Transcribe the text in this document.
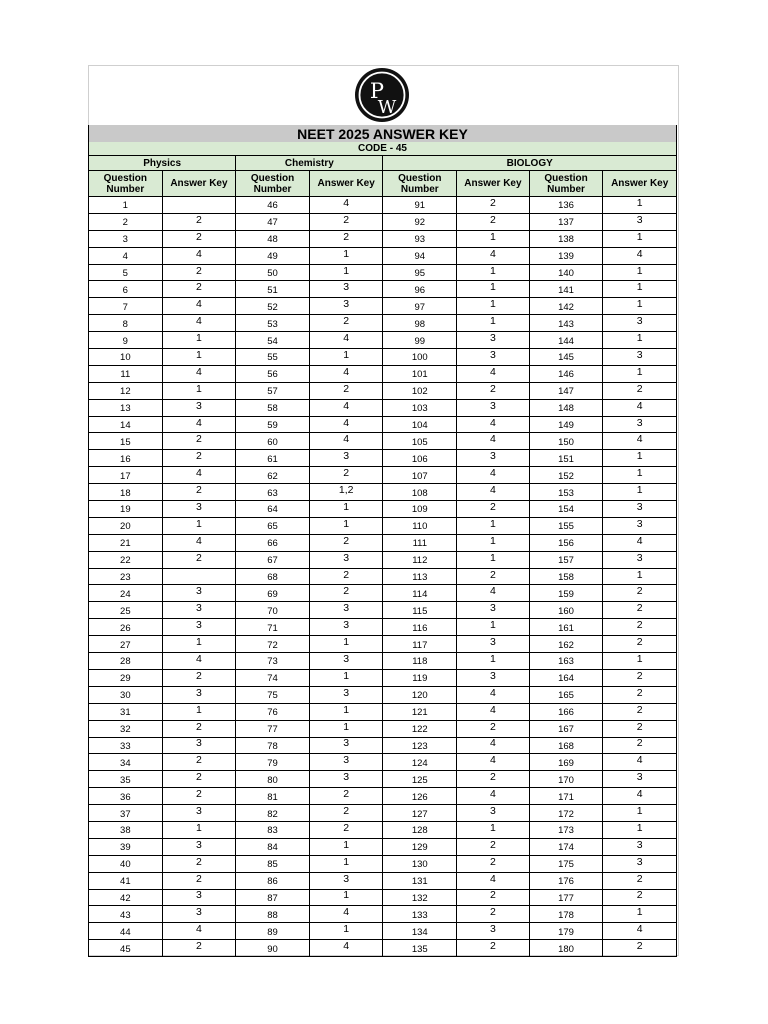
P
W
NEET 2025 ANSWER KEY							
CODE - 45							
Physics		Chemistry		BIOLOGY			
Question Number	Answer Key	Question Number	Answer Key	Question Number	Answer Key	Question Number	Answer Key
1		46	4	91	2	136	1
2	2	47	2	92	2	137	3
3	2	48	2	93	1	138	1
4	4	49	1	94	4	139	4
5	2	50	1	95	1	140	1
6	2	51	3	96	1	141	1
7	4	52	3	97	1	142	1
8	4	53	2	98	1	143	3
9	1	54	4	99	3	144	1
10	1	55	1	100	3	145	3
11	4	56	4	101	4	146	1
12	1	57	2	102	2	147	2
13	3	58	4	103	3	148	4
14	4	59	4	104	4	149	3
15	2	60	4	105	4	150	4
16	2	61	3	106	3	151	1
17	4	62	2	107	4	152	1
18	2	63	1,2	108	4	153	1
19	3	64	1	109	2	154	3
20	1	65	1	110	1	155	3
21	4	66	2	111	1	156	4
22	2	67	3	112	1	157	3
23		68	2	113	2	158	1
24	3	69	2	114	4	159	2
25	3	70	3	115	3	160	2
26	3	71	3	116	1	161	2
27	1	72	1	117	3	162	2
28	4	73	3	118	1	163	1
29	2	74	1	119	3	164	2
30	3	75	3	120	4	165	2
31	1	76	1	121	4	166	2
32	2	77	1	122	2	167	2
33	3	78	3	123	4	168	2
34	2	79	3	124	4	169	4
35	2	80	3	125	2	170	3
36	2	81	2	126	4	171	4
37	3	82	2	127	3	172	1
38	1	83	2	128	1	173	1
39	3	84	1	129	2	174	3
40	2	85	1	130	2	175	3
41	2	86	3	131	4	176	2
42	3	87	1	132	2	177	2
43	3	88	4	133	2	178	1
44	4	89	1	134	3	179	4
45	2	90	4	135	2	180	2
